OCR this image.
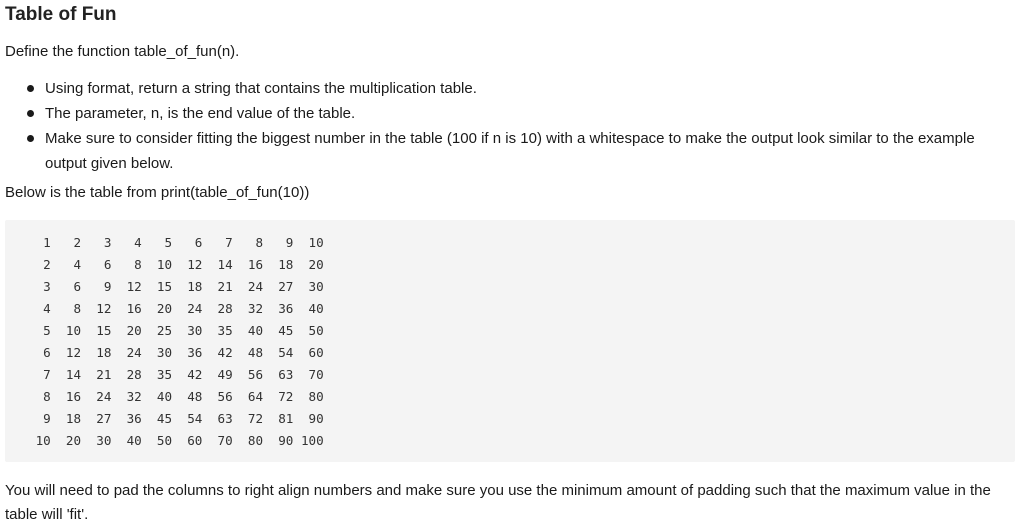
Table of Fun

Define the function table_of_fun(n).

Using format, return a string that contains the multiplication table.
The parameter, n, is the end value of the table.
Make sure to consider fitting the biggest number in the table (100 if n is 10) with a whitespace to make the output look similar to the example output given below.

Below is the table from print(table_of_fun(10))

1   2   3   4   5   6   7   8   9  10
2   4   6   8  10  12  14  16  18  20
3   6   9  12  15  18  21  24  27  30
4   8  12  16  20  24  28  32  36  40
5  10  15  20  25  30  35  40  45  50
6  12  18  24  30  36  42  48  54  60
7  14  21  28  35  42  49  56  63  70
8  16  24  32  40  48  56  64  72  80
9  18  27  36  45  54  63  72  81  90
10  20  30  40  50  60  70  80  90 100

You will need to pad the columns to right align numbers and make sure you use the minimum amount of padding such that the maximum value in the table will 'fit'.
